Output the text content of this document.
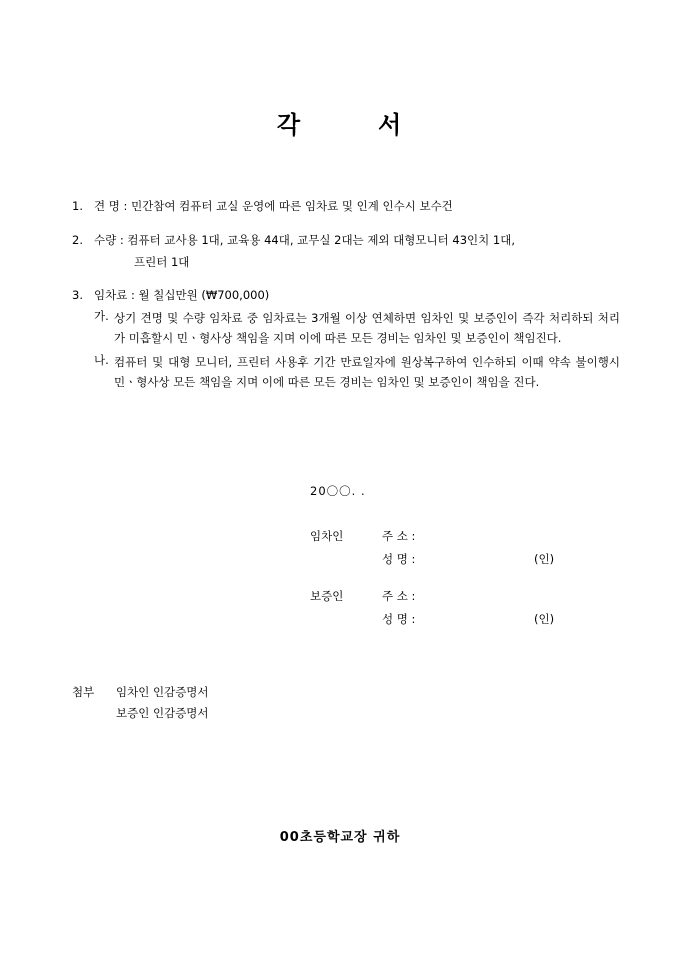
각	서
1. 견 명 : 민간참여 컴퓨터 교실 운영에 따른 임차료 및 인계 인수시 보수건
2. 수량 : 컴퓨터 교사용 1대, 교육용 44대, 교무실 2대는 제외 대형모니터 43인치 1대,
프린터 1대
3. 임차료 : 월 칠십만원 (₩700,000)
가. 상기 견명 및 수량 임차료 중 임차료는 3개월 이상 연체하면 임차인 및 보증인이 즉각 처리하되 처리가 미흡할시 민ㆍ형사상 책임을 지며 이에 따른 모든 경비는 임차인 및 보증인이 책임진다.
나. 컴퓨터 및 대형 모니터, 프린터 사용후 기간 만료일자에 원상복구하여 인수하되 이때 약속 불이행시 민ㆍ형사상 모든 책임을 지며 이에 따른 모든 경비는 임차인 및 보증인이 책임을 진다.
20〇〇. .
임차인	주 소 :
성 명 :	(인)
보증인	주 소 :
성 명 :	(인)
첨부 임차인 인감증명서
보증인 인감증명서
00초등학교장 귀하
